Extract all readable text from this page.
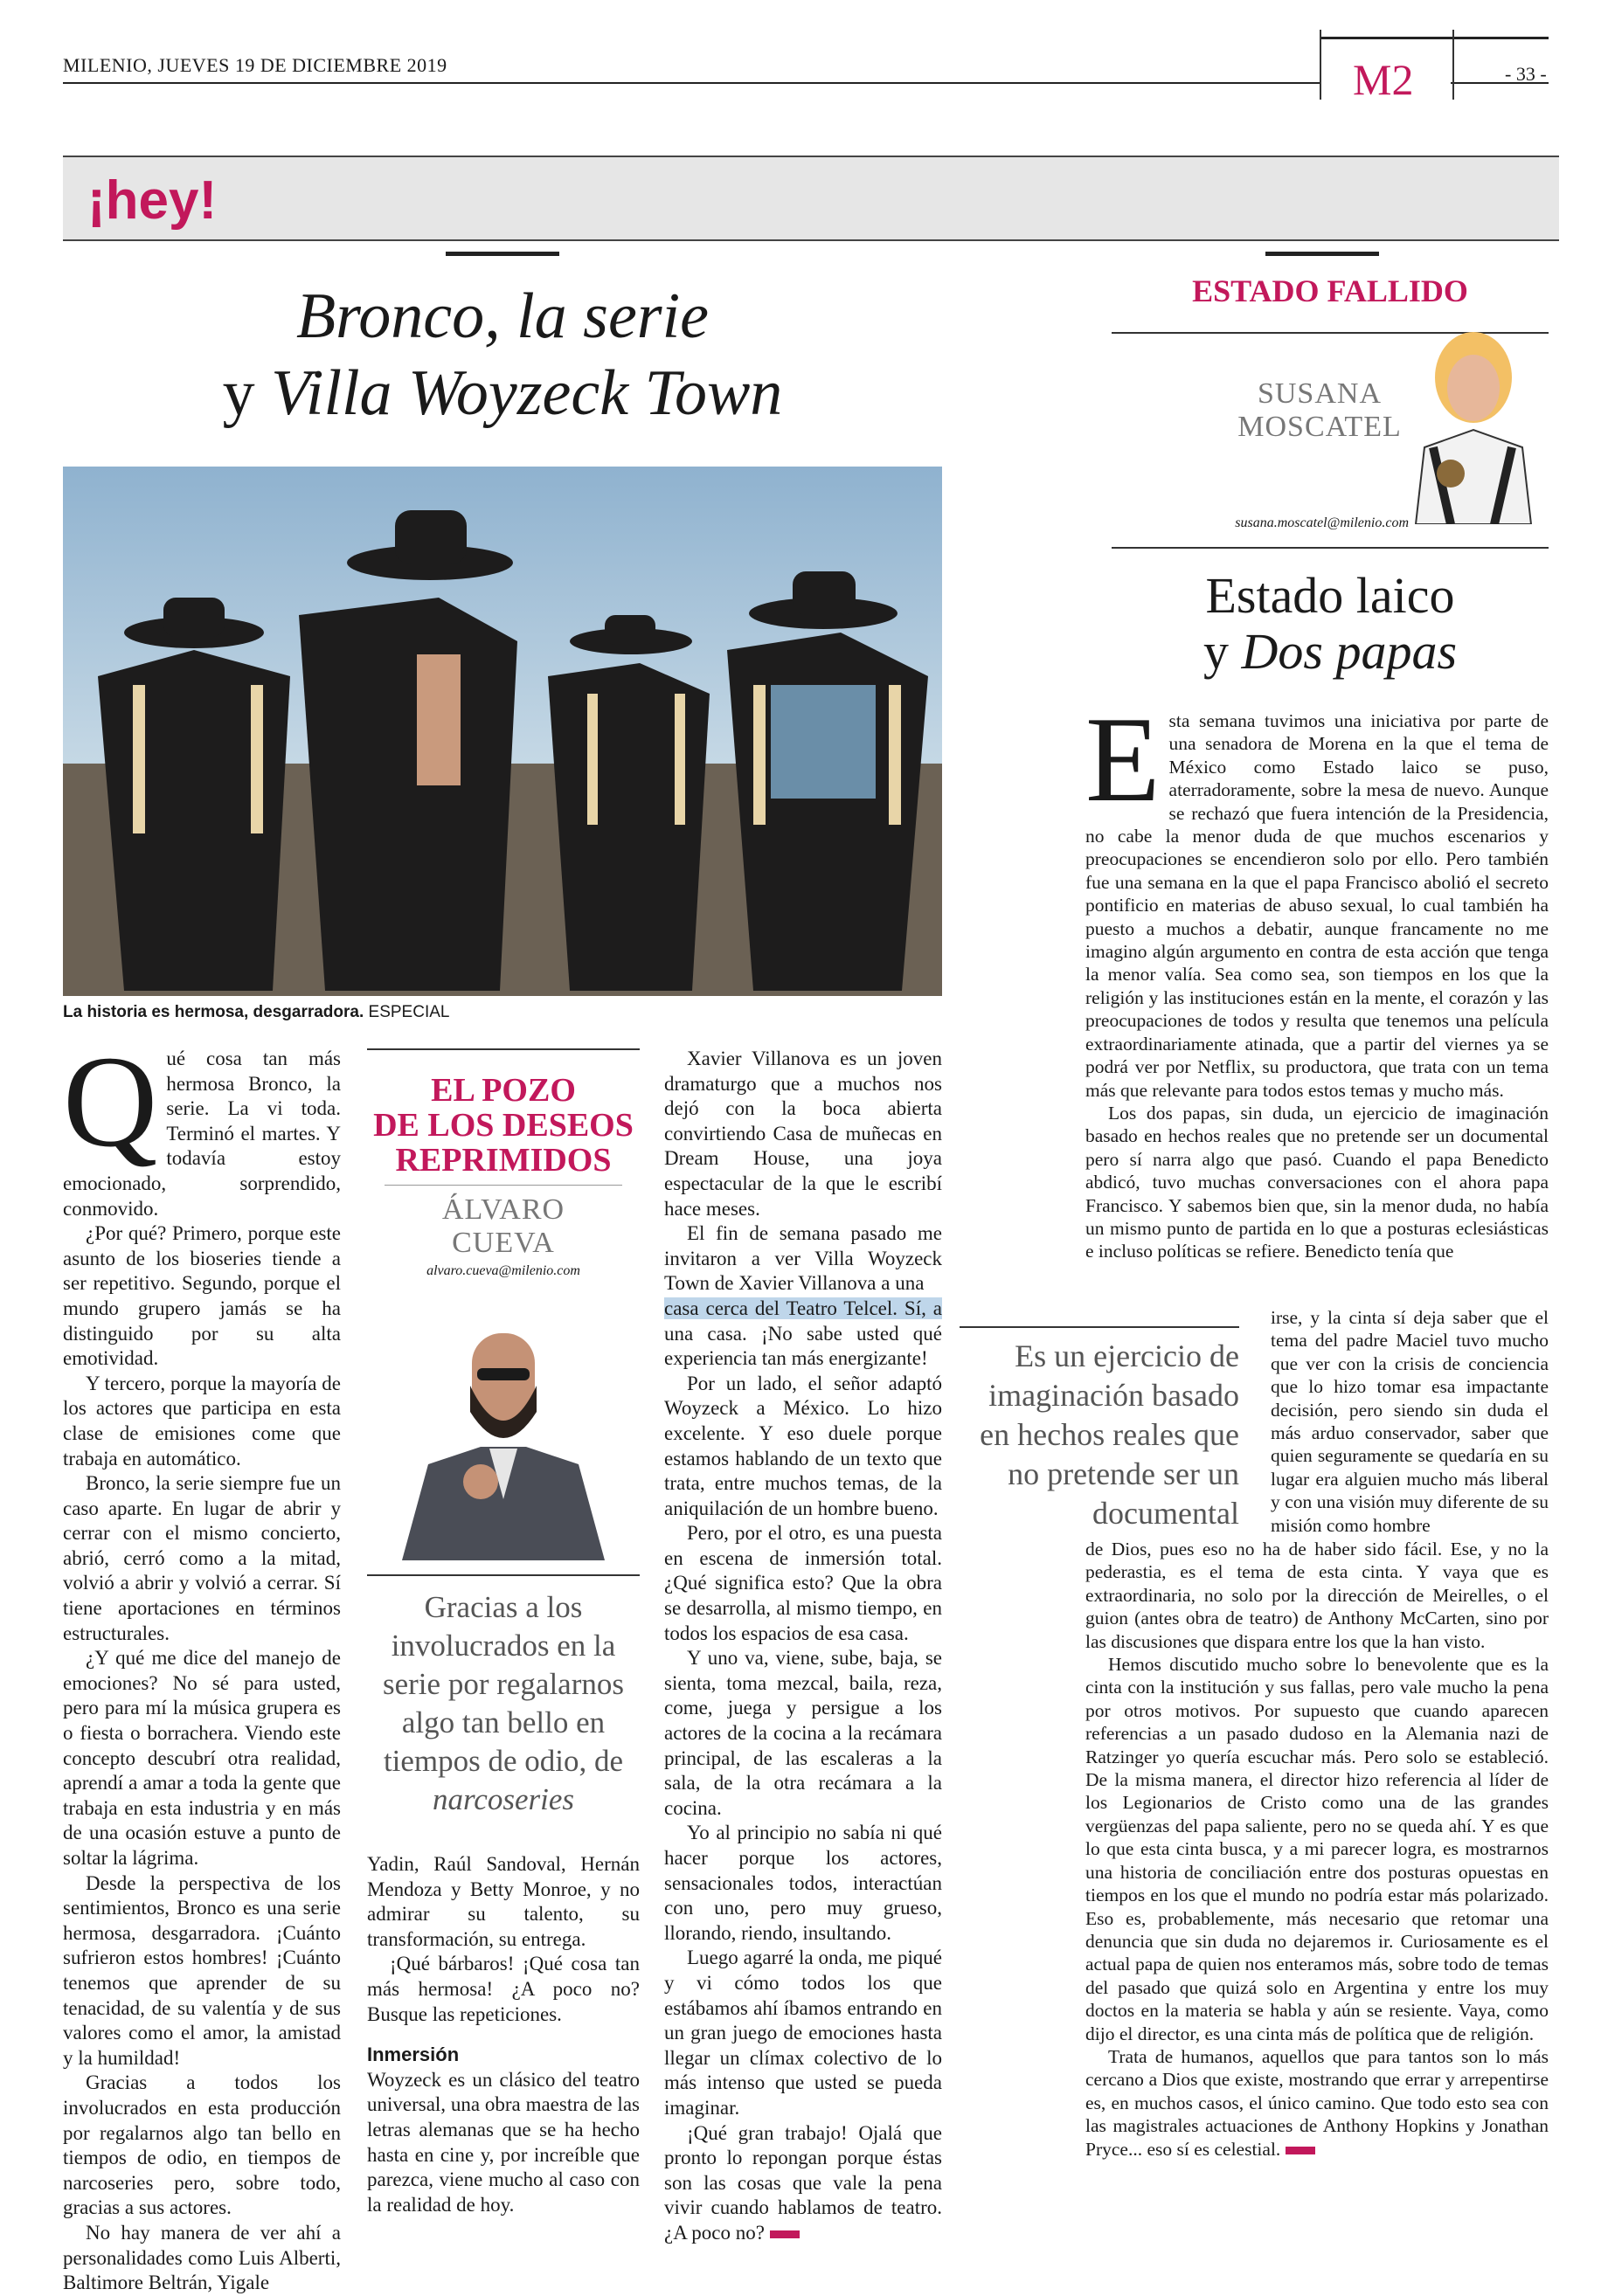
MILENIO, JUEVES 19 DE DICIEMBRE 2019	M2	- 33 -
¡hey!
Bronco, la serie
y Villa Woyzeck Town
La historia es hermosa, desgarradora. ESPECIAL

Qué cosa tan más hermosa Bronco, la serie. La vi toda. Terminó el martes. Y todavía estoy emocionado, sorprendido, conmovido.

¿Por qué? Primero, porque este asunto de los bioseries tiende a ser repetitivo. Segundo, porque el mundo grupero jamás se ha distinguido por su alta emotividad.

Y tercero, porque la mayoría de los actores que participa en esta clase de emisiones come que trabaja en automático.

Bronco, la serie siempre fue un caso aparte. En lugar de abrir y cerrar con el mismo concierto, abrió, cerró como a la mitad, volvió a abrir y volvió a cerrar. Sí tiene aportaciones en términos estructurales.

¿Y qué me dice del manejo de emociones? No sé para usted, pero para mí la música grupera es o fiesta o borrachera. Viendo este concepto descubrí otra realidad, aprendí a amar a toda la gente que trabaja en esta industria y en más de una ocasión estuve a punto de soltar la lágrima.

Desde la perspectiva de los sentimientos, Bronco es una serie hermosa, desgarradora. ¡Cuánto sufrieron estos hombres! ¡Cuánto tenemos que aprender de su tenacidad, de su valentía y de sus valores como el amor, la amistad y la humildad!

Gracias a todos los involucrados en esta producción por regalarnos algo tan bello en tiempos de odio, en tiempos de narcoseries pero, sobre todo, gracias a sus actores.

No hay manera de ver ahí a personalidades como Luis Alberti, Baltimore Beltrán, Yigale

EL POZO
DE LOS DESEOS
REPRIMIDOS
ÁLVARO
CUEVA
alvaro.cueva@milenio.com
Gracias a los involucrados en la serie por regalarnos algo tan bello en tiempos de odio, de narcoseries

Yadin, Raúl Sandoval, Hernán Mendoza y Betty Monroe, y no admirar su talento, su transformación, su entrega.

¡Qué bárbaros! ¡Qué cosa tan más hermosa! ¿A poco no? Busque las repeticiones.

Inmersión

Woyzeck es un clásico del teatro universal, una obra maestra de las letras alemanas que se ha hecho hasta en cine y, por increíble que parezca, viene mucho al caso con la realidad de hoy.

Xavier Villanova es un joven dramaturgo que a muchos nos dejó con la boca abierta convirtiendo Casa de muñecas en Dream House, una joya espectacular de la que le escribí hace meses.

El fin de semana pasado me invitaron a ver Villa Woyzeck Town de Xavier Villanova a una

casa cerca del Teatro Telcel. Sí, a una casa. ¡No sabe usted qué experiencia tan más energizante!

Por un lado, el señor adaptó Woyzeck a México. Lo hizo excelente. Y eso duele porque estamos hablando de un texto que trata, entre muchos temas, de la aniquilación de un hombre bueno.

Pero, por el otro, es una puesta en escena de inmersión total. ¿Qué significa esto? Que la obra se desarrolla, al mismo tiempo, en todos los espacios de esa casa.

Y uno va, viene, sube, baja, se sienta, toma mezcal, baila, reza, come, juega y persigue a los actores de la cocina a la recámara principal, de las escaleras a la sala, de la otra recámara a la cocina.

Yo al principio no sabía ni qué hacer porque los actores, sensacionales todos, interactúan con uno, pero muy grueso, llorando, riendo, insultando.

Luego agarré la onda, me piqué y vi cómo todos los que estábamos ahí íbamos entrando en un gran juego de emociones hasta llegar un clímax colectivo de lo más intenso que usted se pueda imaginar.

¡Qué gran trabajo! Ojalá que pronto lo repongan porque éstas son las cosas que vale la pena vivir cuando hablamos de teatro. ¿A poco no?

ESTADO FALLIDO
SUSANA
MOSCATEL
susana.moscatel@milenio.com
Estado laico
y Dos papas

Esta semana tuvimos una iniciativa por parte de una senadora de Morena en la que el tema de México como Estado laico se puso, aterradoramente, sobre la mesa de nuevo. Aunque se rechazó que fuera intención de la Presidencia, no cabe la menor duda de que muchos escenarios y preocupaciones se encendieron solo por ello. Pero también fue una semana en la que el papa Francisco abolió el secreto pontificio en materias de abuso sexual, lo cual también ha puesto a muchos a debatir, aunque francamente no me imagino algún argumento en contra de esta acción que tenga la menor valía. Sea como sea, son tiempos en los que la religión y las instituciones están en la mente, el corazón y las preocupaciones de todos y resulta que tenemos una película extraordinariamente atinada, que a partir del viernes ya se podrá ver por Netflix, su productora, que trata con un tema más que relevante para todos estos temas y mucho más.

Los dos papas, sin duda, un ejercicio de imaginación basado en hechos reales que no pretende ser un documental pero sí narra algo que pasó. Cuando el papa Benedicto abdicó, tuvo muchas conversaciones con el ahora papa Francisco. Y sabemos bien que, sin la menor duda, no había un mismo punto de partida en lo que a posturas eclesiásticas e incluso políticas se refiere. Benedicto tenía que

Es un ejercicio de imaginación basado en hechos reales que no pretende ser un documental

irse, y la cinta sí deja saber que el tema del padre Maciel tuvo mucho que ver con la crisis de conciencia que lo hizo tomar esa impactante decisión, pero siendo sin duda el más arduo conservador, saber que quien seguramente se quedaría en su lugar era alguien mucho más liberal y con una visión muy diferente de su misión como hombre

de Dios, pues eso no ha de haber sido fácil. Ese, y no la pederastia, es el tema de esta cinta. Y vaya que es extraordinaria, no solo por la dirección de Meirelles, o el guion (antes obra de teatro) de Anthony McCarten, sino por las discusiones que dispara entre los que la han visto.

Hemos discutido mucho sobre lo benevolente que es la cinta con la institución y sus fallas, pero vale mucho la pena por otros motivos. Por supuesto que cuando aparecen referencias a un pasado dudoso en la Alemania nazi de Ratzinger yo quería escuchar más. Pero solo se estableció. De la misma manera, el director hizo referencia al líder de los Legionarios de Cristo como una de las grandes vergüenzas del papa saliente, pero no se queda ahí. Y es que lo que esta cinta busca, y a mi parecer logra, es mostrarnos una historia de conciliación entre dos posturas opuestas en tiempos en los que el mundo no podría estar más polarizado. Eso es, probablemente, más necesario que retomar una denuncia que sin duda no dejaremos ir. Curiosamente es el actual papa de quien nos enteramos más, sobre todo de temas del pasado que quizá solo en Argentina y entre los muy doctos en la materia se habla y aún se resiente. Vaya, como dijo el director, es una cinta más de política que de religión.

Trata de humanos, aquellos que para tantos son lo más cercano a Dios que existe, mostrando que errar y arrepentirse es, en muchos casos, el único camino. Que todo esto sea con las magistrales actuaciones de Anthony Hopkins y Jonathan Pryce... eso sí es celestial.
